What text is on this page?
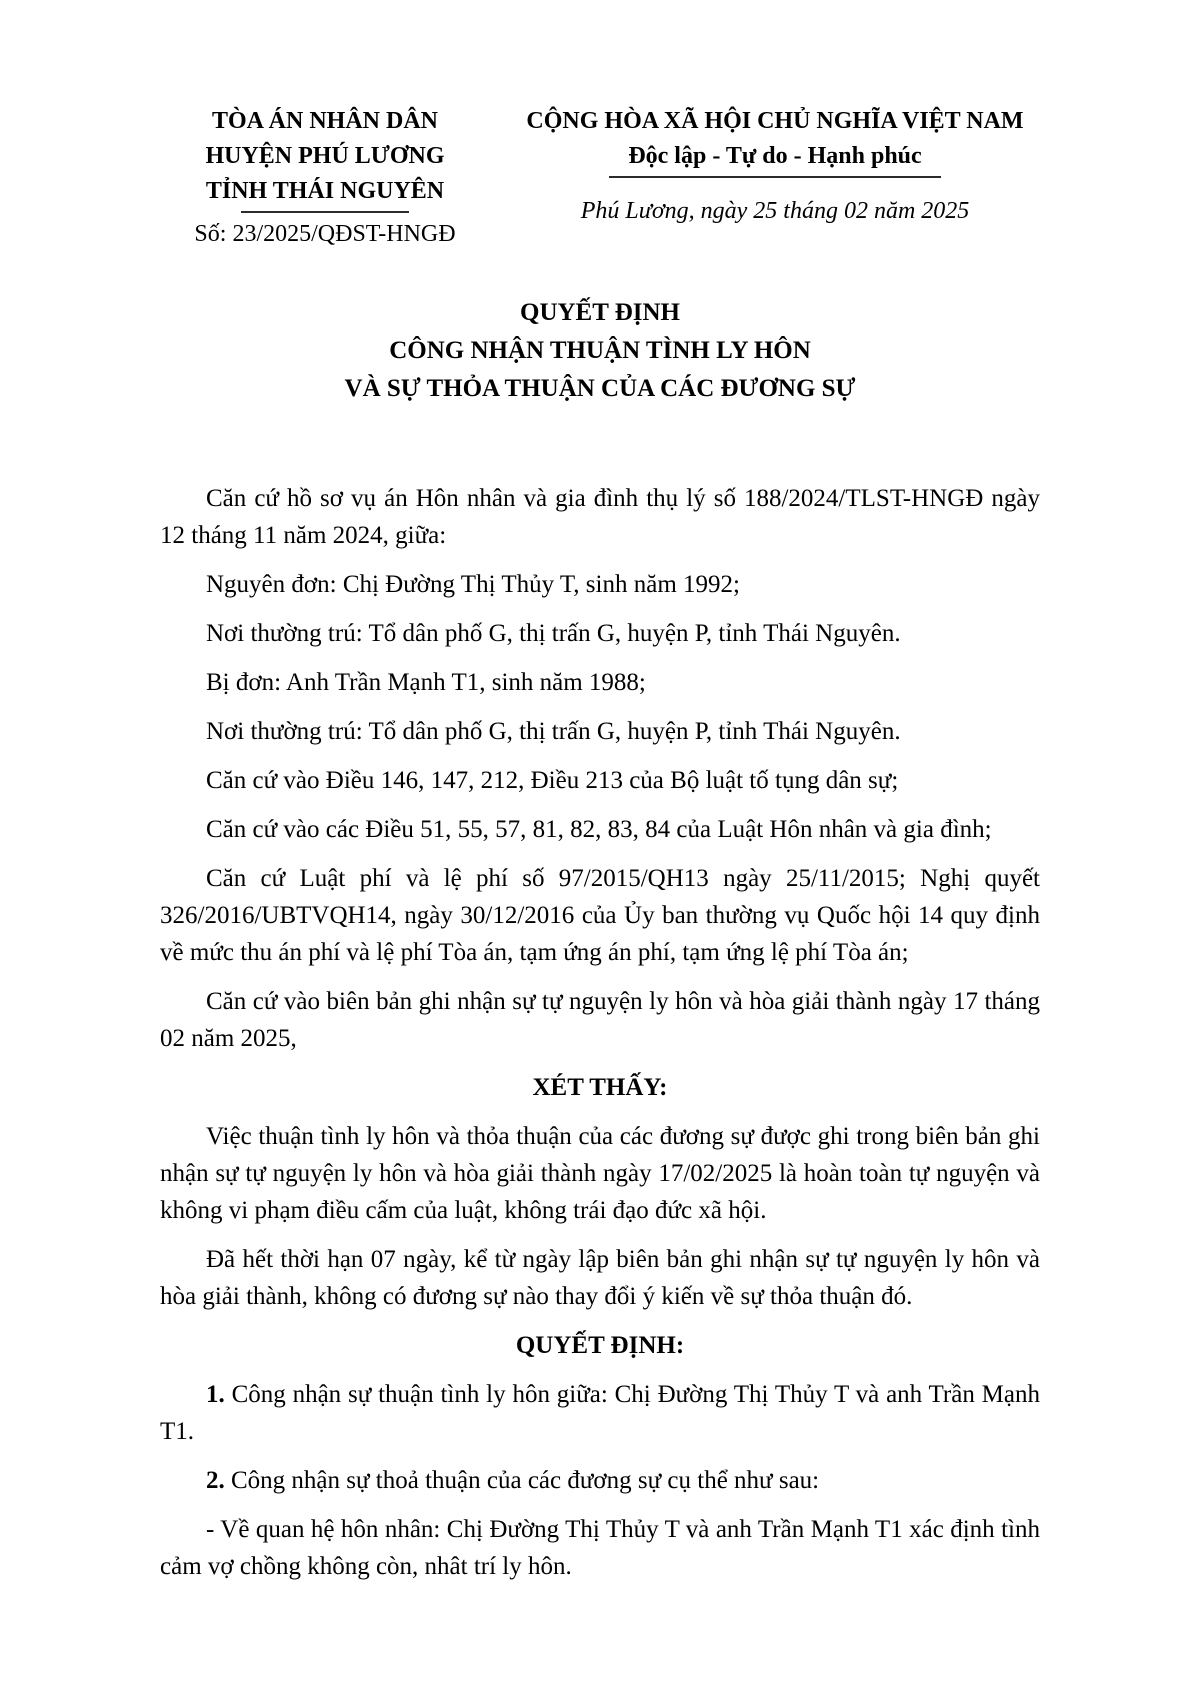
TÒA ÁN NHÂN DÂN
HUYỆN PHÚ LƯƠNG
TỈNH THÁI NGUYÊN
Số: 23/2025/QĐST-HNGĐ
CỘNG HÒA XÃ HỘI CHỦ NGHĨA VIỆT NAM
Độc lập - Tự do - Hạnh phúc
Phú Lương, ngày 25 tháng 02 năm 2025
QUYẾT ĐỊNH
CÔNG NHẬN THUẬN TÌNH LY HÔN
VÀ SỰ THỎA THUẬN CỦA CÁC ĐƯƠNG SỰ

Căn cứ hồ sơ vụ án Hôn nhân và gia đình thụ lý số 188/2024/TLST-HNGĐ ngày 12 tháng 11 năm 2024, giữa:

Nguyên đơn: Chị Đường Thị Thủy T, sinh năm 1992;

Nơi thường trú: Tổ dân phố G, thị trấn G, huyện P, tỉnh Thái Nguyên.

Bị đơn: Anh Trần Mạnh T1, sinh năm 1988;

Nơi thường trú: Tổ dân phố G, thị trấn G, huyện P, tỉnh Thái Nguyên.

Căn cứ vào Điều 146, 147, 212, Điều 213 của Bộ luật tố tụng dân sự;

Căn cứ vào các Điều 51, 55, 57, 81, 82, 83, 84 của Luật Hôn nhân và gia đình;

Căn cứ Luật phí và lệ phí số 97/2015/QH13 ngày 25/11/2015; Nghị quyết 326/2016/UBTVQH14, ngày 30/12/2016 của Ủy ban thường vụ Quốc hội 14 quy định về mức thu án phí và lệ phí Tòa án, tạm ứng án phí, tạm ứng lệ phí Tòa án;

Căn cứ vào biên bản ghi nhận sự tự nguyện ly hôn và hòa giải thành ngày 17 tháng 02 năm 2025,

XÉT THẤY:

Việc thuận tình ly hôn và thỏa thuận của các đương sự được ghi trong biên bản ghi nhận sự tự nguyện ly hôn và hòa giải thành ngày 17/02/2025 là hoàn toàn tự nguyện và không vi phạm điều cấm của luật, không trái đạo đức xã hội.

Đã hết thời hạn 07 ngày, kể từ ngày lập biên bản ghi nhận sự tự nguyện ly hôn và hòa giải thành, không có đương sự nào thay đổi ý kiến về sự thỏa thuận đó.

QUYẾT ĐỊNH:

1. Công nhận sự thuận tình ly hôn giữa: Chị Đường Thị Thủy T và anh Trần Mạnh T1.

2. Công nhận sự thoả thuận của các đương sự cụ thể như sau:

- Về quan hệ hôn nhân: Chị Đường Thị Thủy T và anh Trần Mạnh T1 xác định tình cảm vợ chồng không còn, nhât trí ly hôn.
